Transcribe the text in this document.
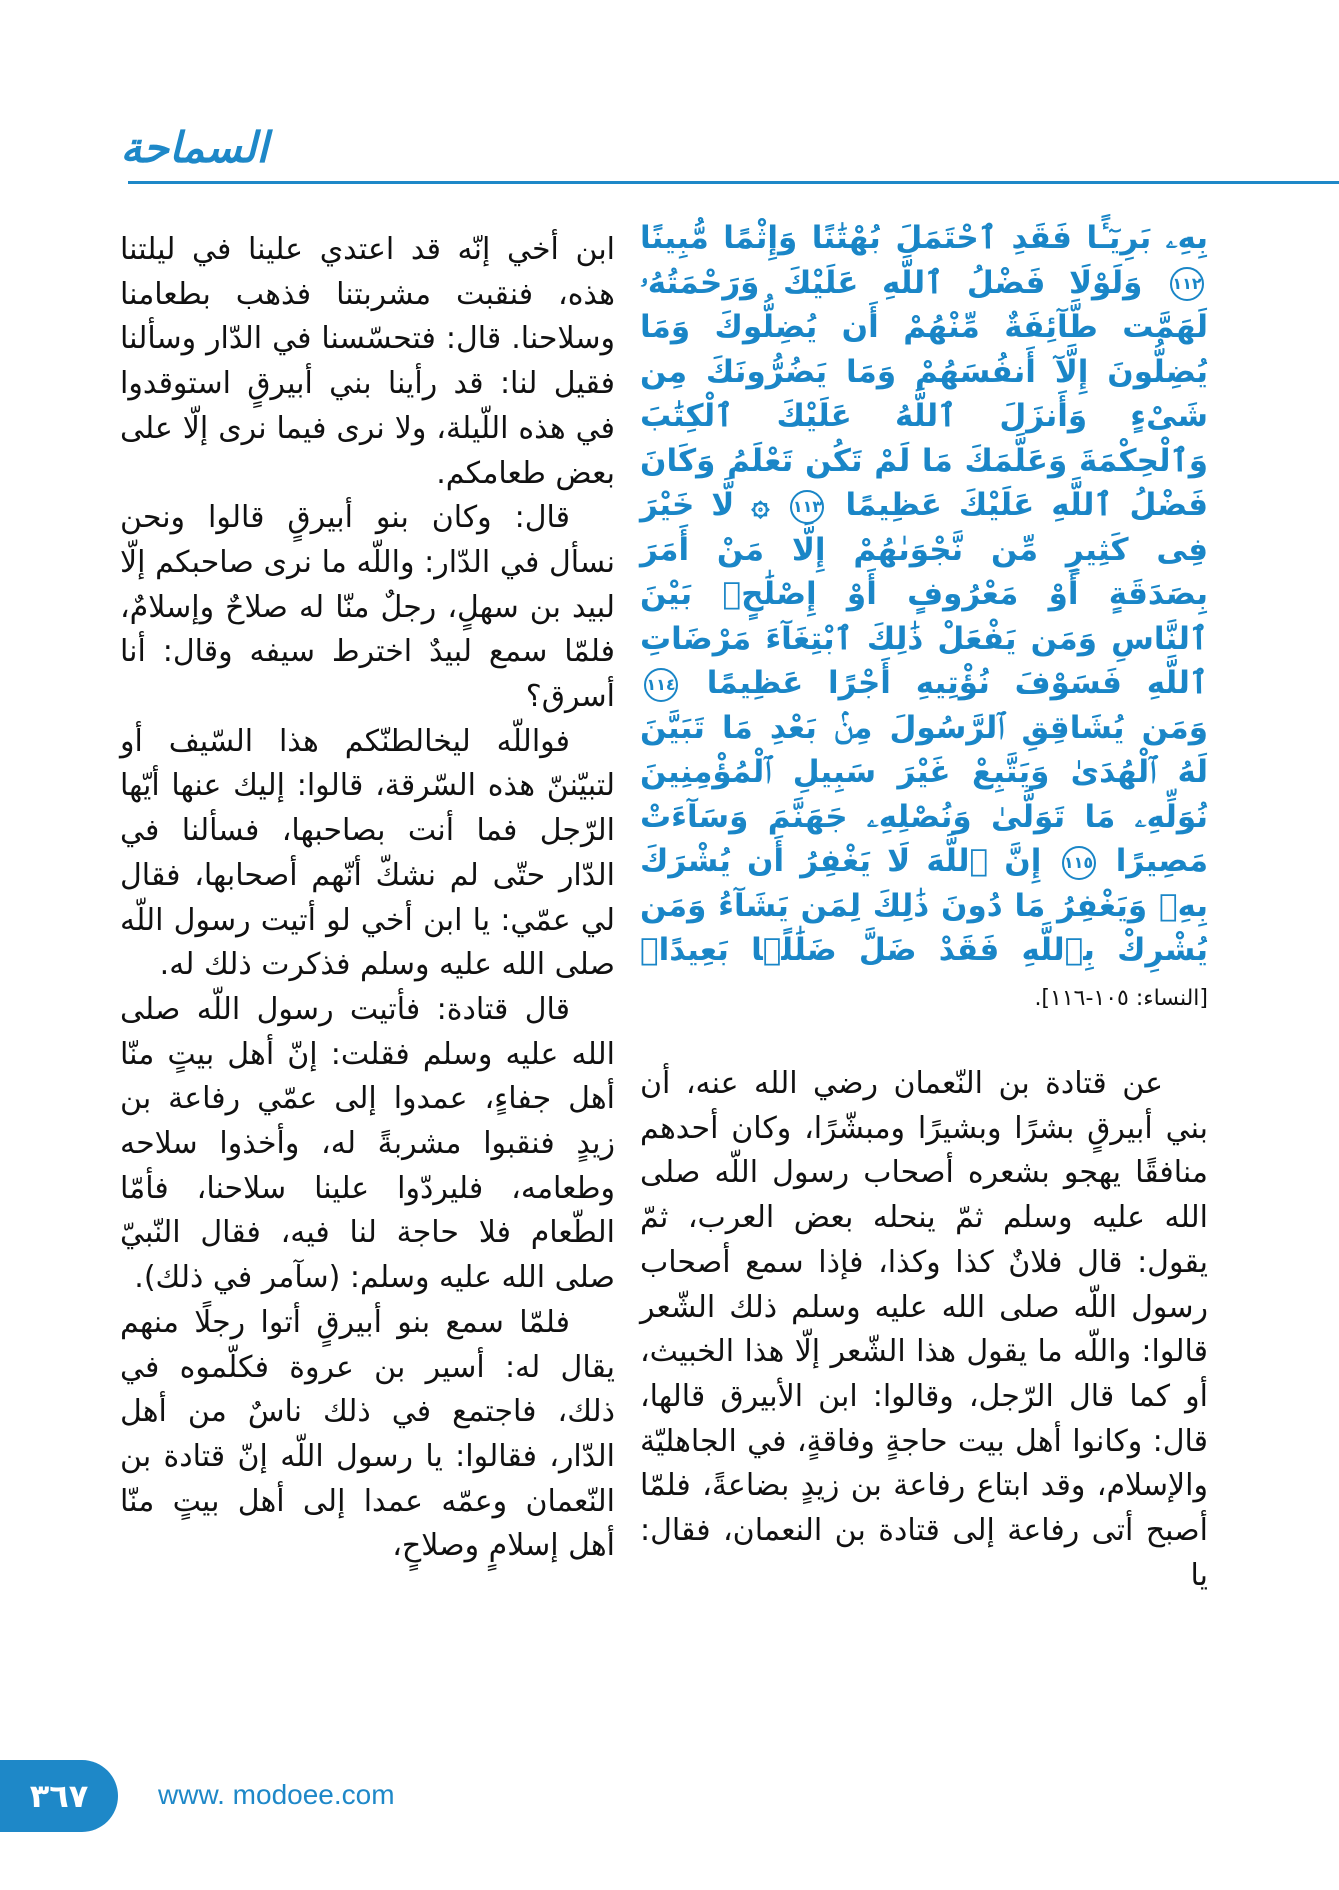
السماحة
بِهِۦ بَرِيٓـًٔا فَقَدِ ٱحْتَمَلَ بُهْتَٰنًا وَإِثْمًا مُّبِينًا ١١٢ وَلَوْلَا فَضْلُ ٱللَّهِ عَلَيْكَ وَرَحْمَتُهُۥ لَهَمَّت طَّآئِفَةٌ مِّنْهُمْ أَن يُضِلُّوكَ وَمَا يُضِلُّونَ إِلَّآ أَنفُسَهُمْ وَمَا يَضُرُّونَكَ مِن شَىْءٍ وَأَنزَلَ ٱللَّهُ عَلَيْكَ ٱلْكِتَٰبَ وَٱلْحِكْمَةَ وَعَلَّمَكَ مَا لَمْ تَكُن تَعْلَمُ وَكَانَ فَضْلُ ٱللَّهِ عَلَيْكَ عَظِيمًا ١١٣ ۞ لَّا خَيْرَ فِى كَثِيرٍ مِّن نَّجْوَىٰهُمْ إِلَّا مَنْ أَمَرَ بِصَدَقَةٍ أَوْ مَعْرُوفٍ أَوْ إِصْلَٰحٍۭ بَيْنَ ٱلنَّاسِ وَمَن يَفْعَلْ ذَٰلِكَ ٱبْتِغَآءَ مَرْضَاتِ ٱللَّهِ فَسَوْفَ نُؤْتِيهِ أَجْرًا عَظِيمًا ١١٤ وَمَن يُشَاقِقِ ٱلرَّسُولَ مِنۢ بَعْدِ مَا تَبَيَّنَ لَهُ ٱلْهُدَىٰ وَيَتَّبِعْ غَيْرَ سَبِيلِ ٱلْمُؤْمِنِينَ نُوَلِّهِۦ مَا تَوَلَّىٰ وَنُصْلِهِۦ جَهَنَّمَ وَسَآءَتْ مَصِيرًا ١١٥ إِنَّ ٱللَّهَ لَا يَغْفِرُ أَن يُشْرَكَ بِهِۦ وَيَغْفِرُ مَا دُونَ ذَٰلِكَ لِمَن يَشَآءُ وَمَن يُشْرِكْ بِٱللَّهِ فَقَدْ ضَلَّ ضَلَٰلًۢا بَعِيدًا﴾ [النساء: ١٠٥-١١٦].

عن قتادة بن النّعمان رضي الله عنه، أن بني أبيرقٍ بشرًا وبشيرًا ومبشّرًا، وكان أحدهم منافقًا يهجو بشعره أصحاب رسول اللّه صلى الله عليه وسلم ثمّ ينحله بعض العرب، ثمّ يقول: قال فلانٌ كذا وكذا، فإذا سمع أصحاب رسول اللّه صلى الله عليه وسلم ذلك الشّعر قالوا: واللّه ما يقول هذا الشّعر إلّا هذا الخبيث، أو كما قال الرّجل، وقالوا: ابن الأبيرق قالها، قال: وكانوا أهل بيت حاجةٍ وفاقةٍ، في الجاهليّة والإسلام، وقد ابتاع رفاعة بن زيدٍ بضاعةً، فلمّا أصبح أتى رفاعة إلى قتادة بن النعمان، فقال: يا

ابن أخي إنّه قد اعتدي علينا في ليلتنا هذه، فنقبت مشربتنا فذهب بطعامنا وسلاحنا. قال: فتحسّسنا في الدّار وسألنا فقيل لنا: قد رأينا بني أبيرقٍ استوقدوا في هذه اللّيلة، ولا نرى فيما نرى إلّا على بعض طعامكم.

قال: وكان بنو أبيرقٍ قالوا ونحن نسأل في الدّار: واللّه ما نرى صاحبكم إلّا لبيد بن سهلٍ، رجلٌ منّا له صلاحٌ وإسلامٌ، فلمّا سمع لبيدٌ اخترط سيفه وقال: أنا أسرق؟

فواللّه ليخالطنّكم هذا السّيف أو لتبيّننّ هذه السّرقة، قالوا: إليك عنها أيّها الرّجل فما أنت بصاحبها، فسألنا في الدّار حتّى لم نشكّ أنّهم أصحابها، فقال لي عمّي: يا ابن أخي لو أتيت رسول اللّه صلى الله عليه وسلم فذكرت ذلك له.

قال قتادة: فأتيت رسول اللّه صلى الله عليه وسلم فقلت: إنّ أهل بيتٍ منّا أهل جفاءٍ، عمدوا إلى عمّي رفاعة بن زيدٍ فنقبوا مشربةً له، وأخذوا سلاحه وطعامه، فليردّوا علينا سلاحنا، فأمّا الطّعام فلا حاجة لنا فيه، فقال النّبيّ صلى الله عليه وسلم: (سآمر في ذلك).

فلمّا سمع بنو أبيرقٍ أتوا رجلًا منهم يقال له: أسير بن عروة فكلّموه في ذلك، فاجتمع في ذلك ناسٌ من أهل الدّار، فقالوا: يا رسول اللّه إنّ قتادة بن النّعمان وعمّه عمدا إلى أهل بيتٍ منّا أهل إسلامٍ وصلاحٍ،

٣٦٧	www. modoee.com
